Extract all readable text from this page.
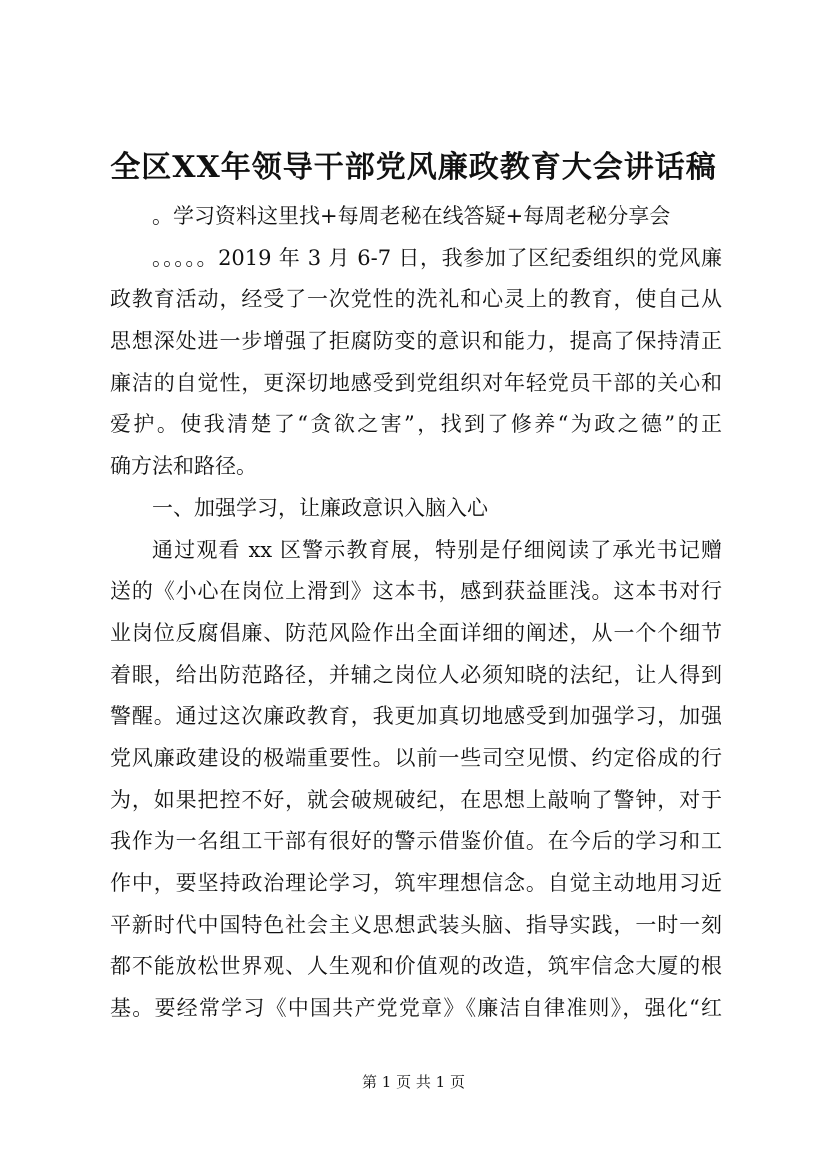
全区XX年领导干部党风廉政教育大会讲话稿
。学习资料这里找+每周老秘在线答疑+每周老秘分享会
。。。。。2019 年 3 月 6-7 日，我参加了区纪委组织的党风廉
政教育活动，经受了一次党性的洗礼和心灵上的教育，使自己从
思想深处进一步增强了拒腐防变的意识和能力，提高了保持清正
廉洁的自觉性，更深切地感受到党组织对年轻党员干部的关心和
爱护。使我清楚了“贪欲之害”，找到了修养“为政之德”的正
确方法和路径。
一、加强学习，让廉政意识入脑入心
通过观看 xx 区警示教育展，特别是仔细阅读了承光书记赠
送的《小心在岗位上滑到》这本书，感到获益匪浅。这本书对行
业岗位反腐倡廉、防范风险作出全面详细的阐述，从一个个细节
着眼，给出防范路径，并辅之岗位人必须知晓的法纪，让人得到
警醒。通过这次廉政教育，我更加真切地感受到加强学习，加强
党风廉政建设的极端重要性。以前一些司空见惯、约定俗成的行
为，如果把控不好，就会破规破纪，在思想上敲响了警钟，对于
我作为一名组工干部有很好的警示借鉴价值。在今后的学习和工
作中，要坚持政治理论学习，筑牢理想信念。自觉主动地用习近
平新时代中国特色社会主义思想武装头脑、指导实践，一时一刻
都不能放松世界观、人生观和价值观的改造，筑牢信念大厦的根
基。要经常学习《中国共产党党章》《廉洁自律准则》，强化“红
第 1 页 共 1 页
